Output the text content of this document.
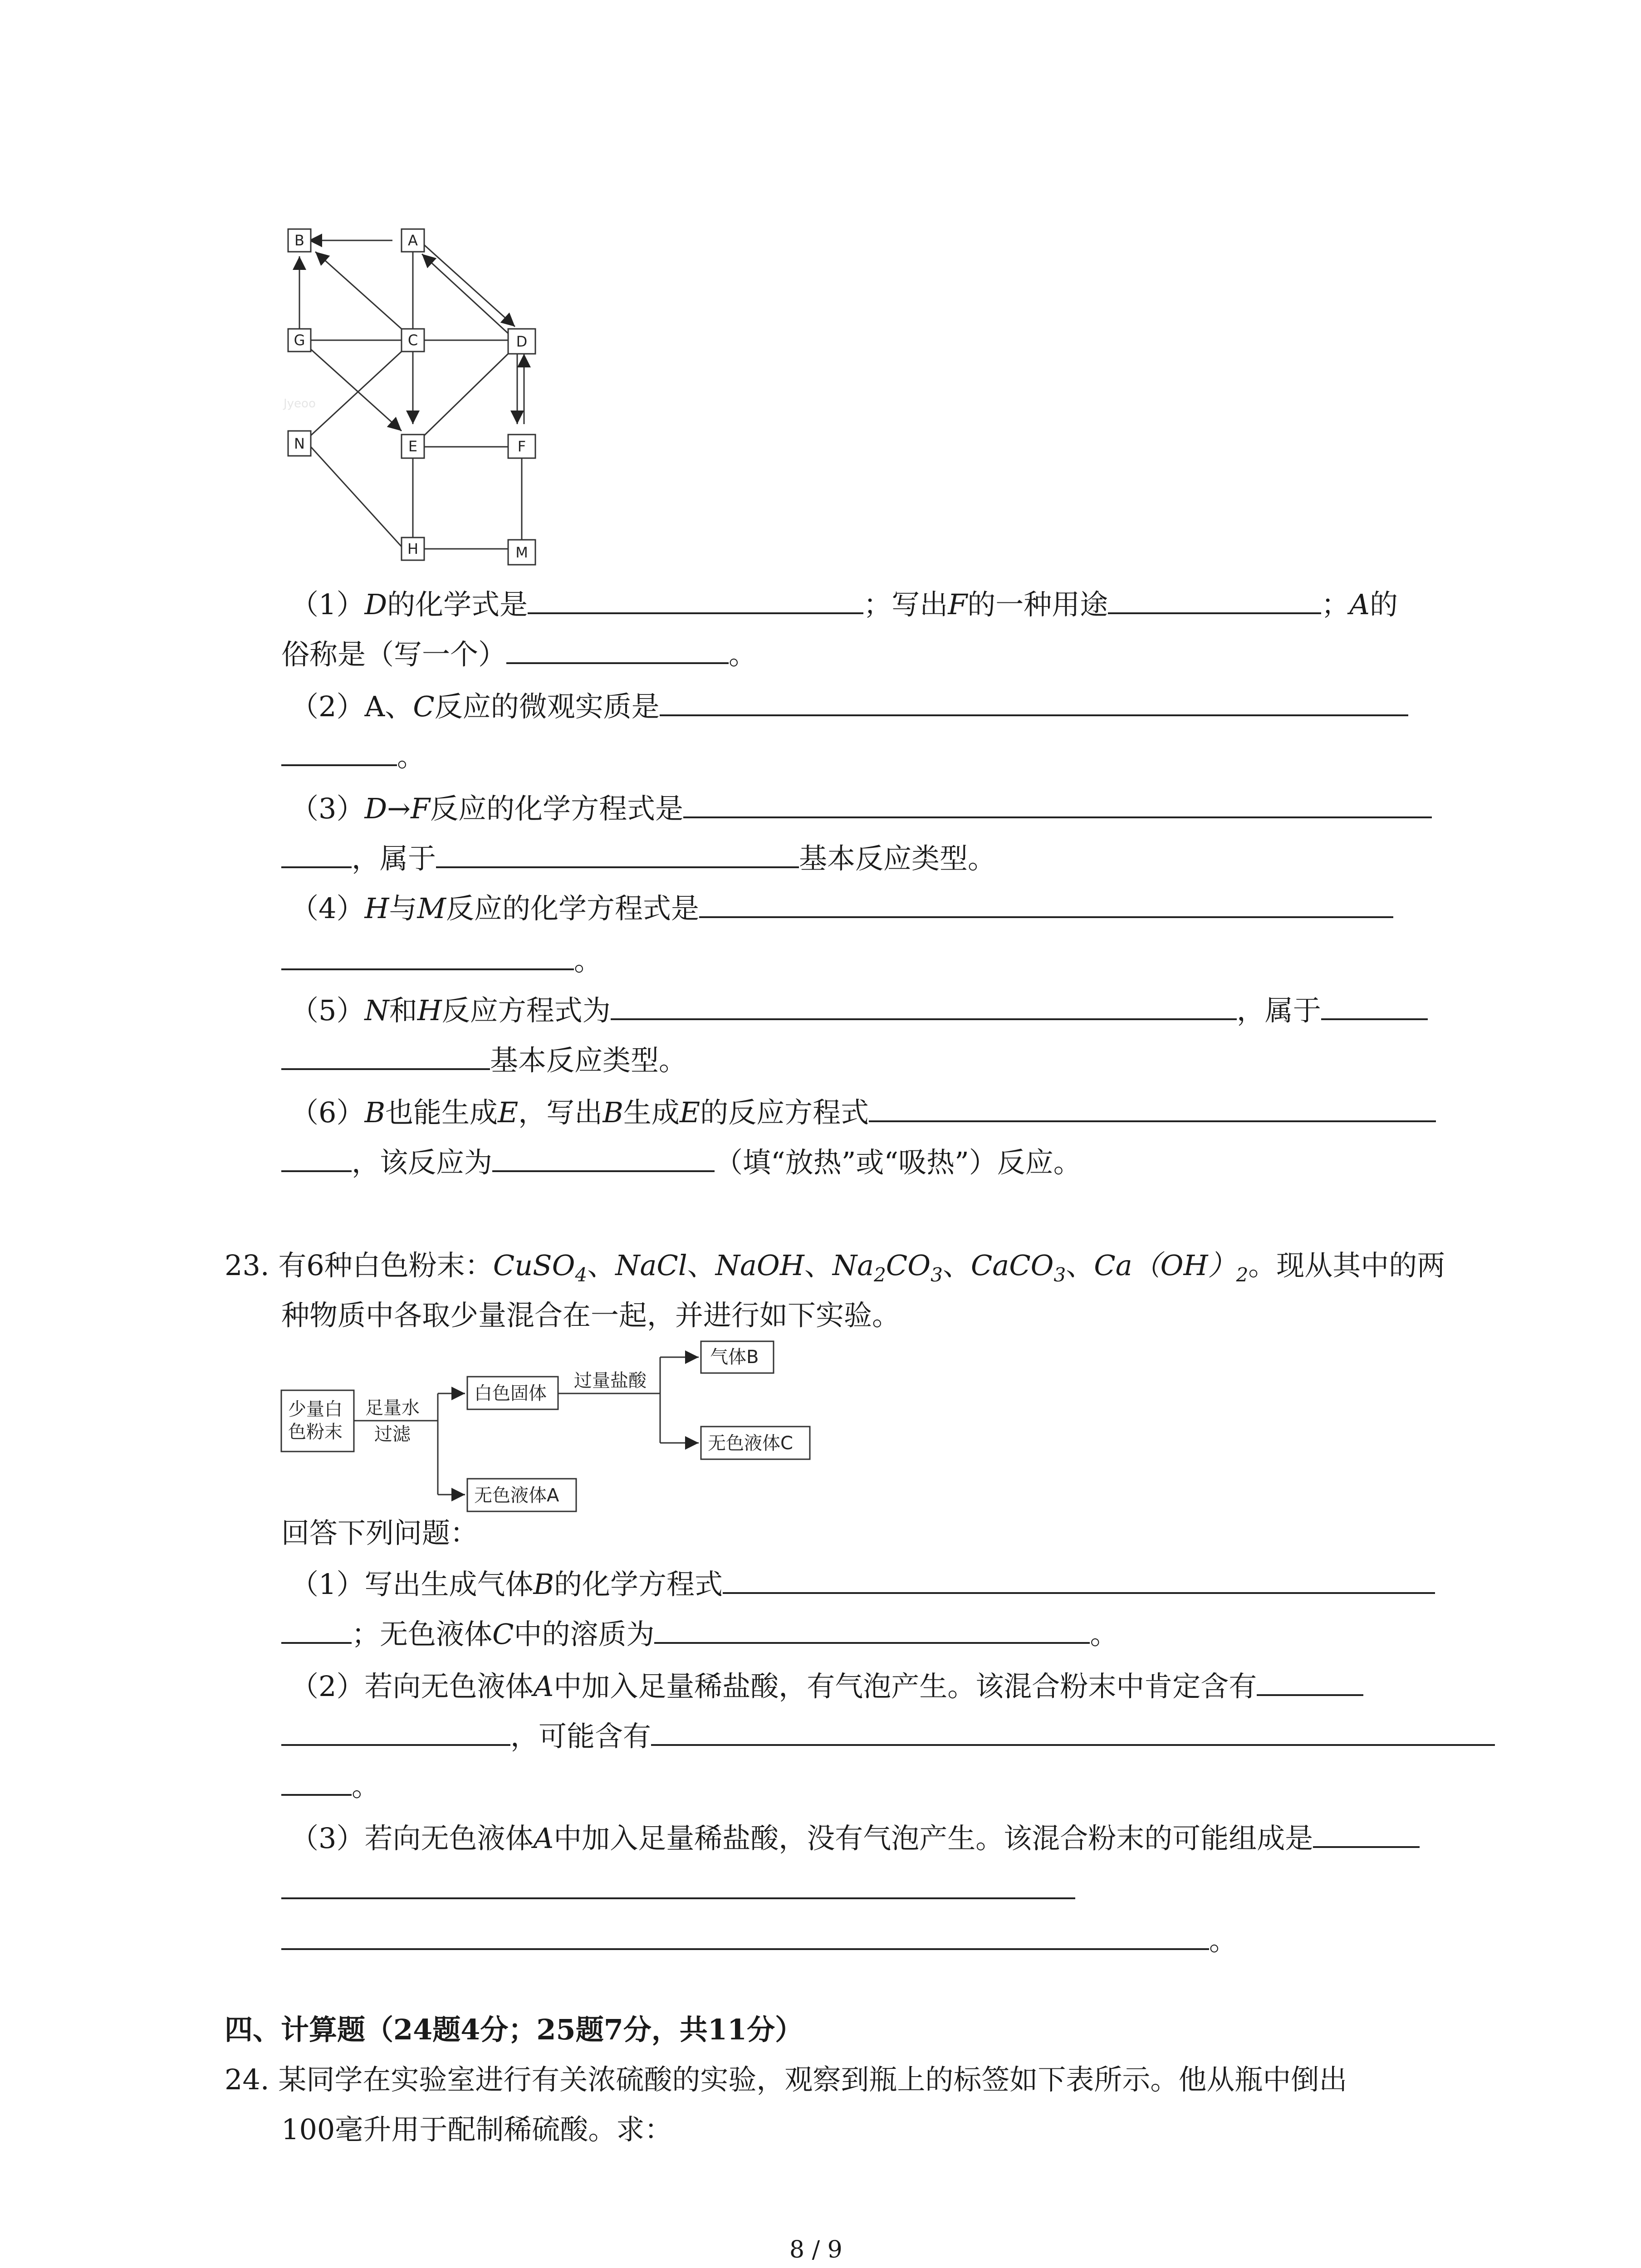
B	A
G	C	D
N	E	F
H	M
Jyeoo
（1）D的化学式是	；写出F的一种用途	；A的
俗称是（写一个）	。
（2）A、C反应的微观实质是
。
（3）D→F反应的化学方程式是
，属于	基本反应类型。
（4）H与M反应的化学方程式是
。
（5）N和H反应方程式为	，属于
基本反应类型。
（6）B也能生成E，写出B生成E的反应方程式
，该反应为	（填“放热”或“吸热”）反应。
23. 有6种白色粉末：CuSO$_4$、NaCl、NaOH、$Na_2CO_3$、CaCO$_3$、$Ca(OH)_2$。现从其中的两
种物质中各取少量混合在一起，并进行如下实验。
少量白
色粉末
足量水
过滤
白色固体
过量盐酸
气体B
无色液体C
无色液体A
回答下列问题：
（1）写出生成气体B的化学方程式
；无色液体C中的溶质为	。
（2）若向无色液体A中加入足量稀盐酸，有气泡产生。该混合粉末中肯定含有
，可能含有
。
（3）若向无色液体A中加入足量稀盐酸，没有气泡产生。该混合粉末的可能组成是
。
四、计算题（24题4分；25题7分，共11分）
24. 某同学在实验室进行有关浓硫酸的实验，观察到瓶上的标签如下表所示。他从瓶中倒出
100毫升用于配制稀硫酸。求：
8 / 9
